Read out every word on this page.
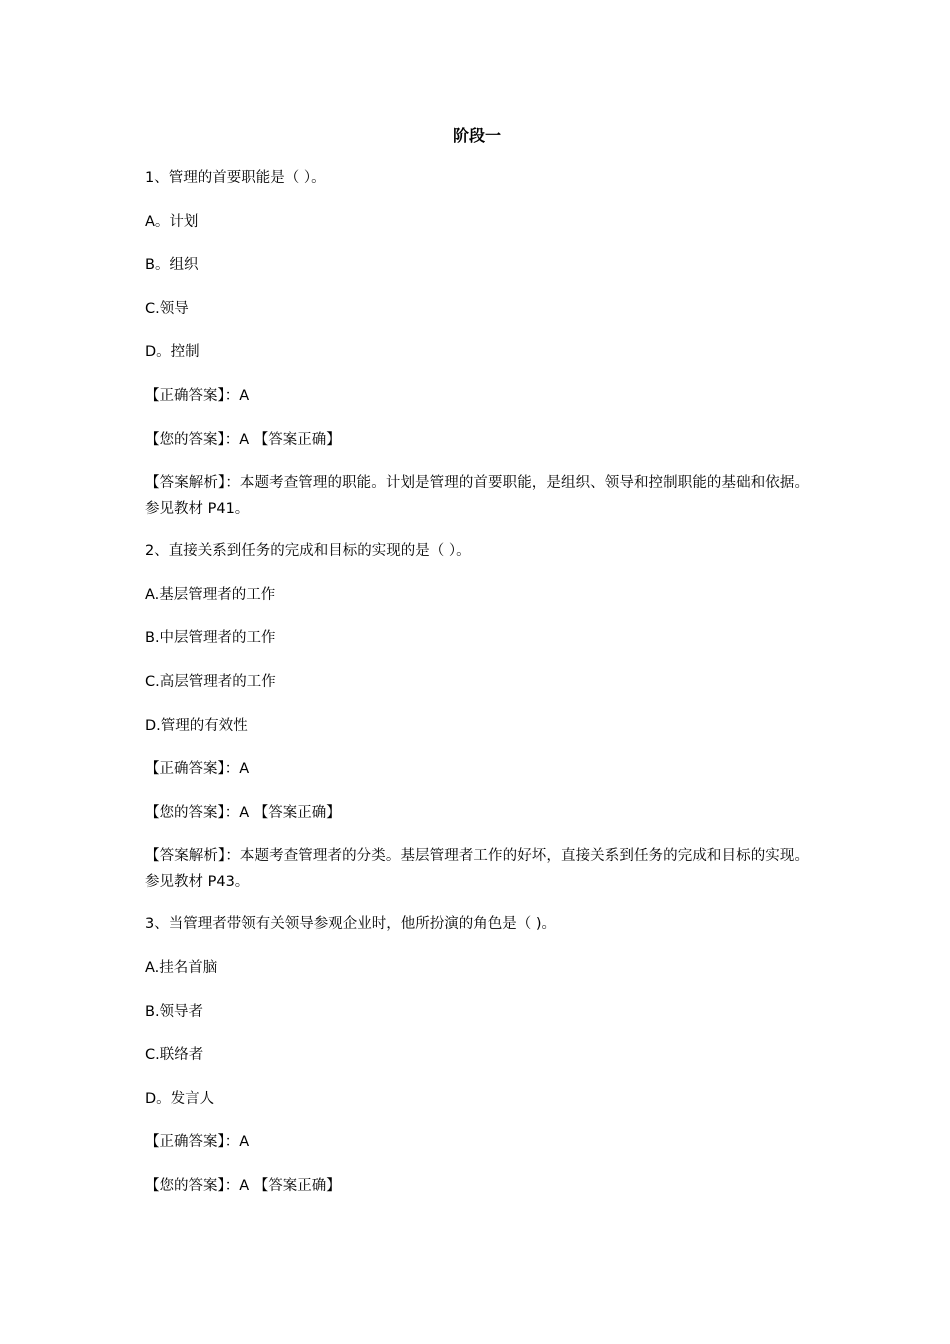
阶段一
1、管理的首要职能是（ ）。
A。计划
B。组织
C.领导
D。控制
【正确答案】：A
【您的答案】：A 【答案正确】
【答案解析】：本题考查管理的职能。计划是管理的首要职能，是组织、领导和控制职能的基础和依据。参见教材 P41。
2、直接关系到任务的完成和目标的实现的是（ ）。
A.基层管理者的工作
B.中层管理者的工作
C.高层管理者的工作
D.管理的有效性
【正确答案】：A
【您的答案】：A 【答案正确】
【答案解析】：本题考查管理者的分类。基层管理者工作的好坏，直接关系到任务的完成和目标的实现。参见教材 P43。
3、当管理者带领有关领导参观企业时，他所扮演的角色是（ )。
A.挂名首脑
B.领导者
C.联络者
D。发言人
【正确答案】：A
【您的答案】：A 【答案正确】
